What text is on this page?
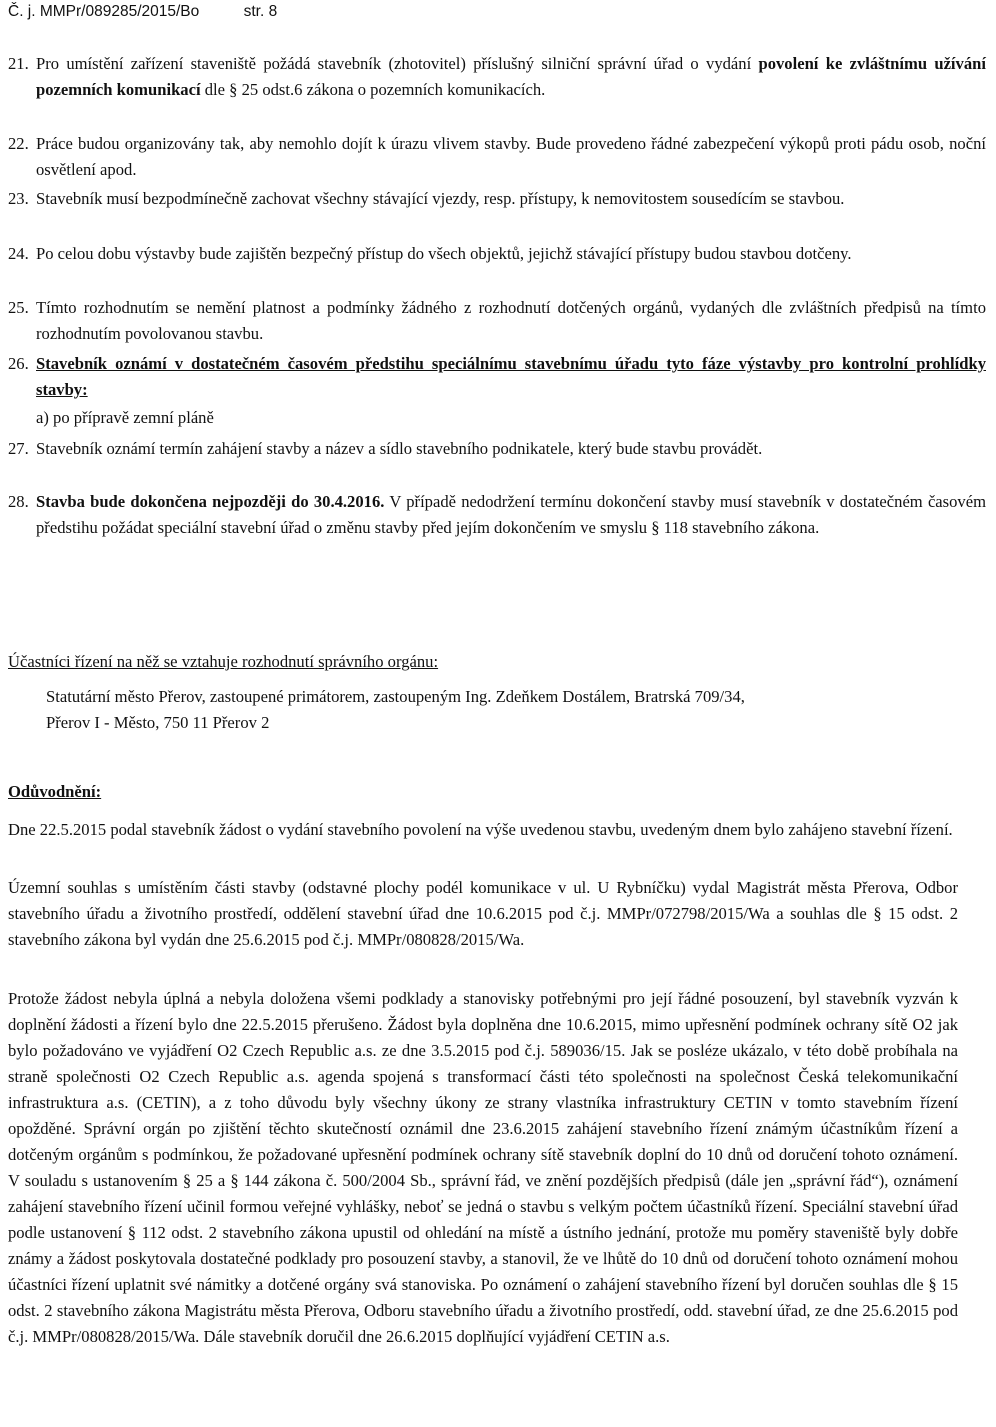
Č. j. MMPr/089285/2015/Bo	str. 8
21. Pro umístění zařízení staveniště požádá stavebník (zhotovitel) příslušný silniční správní úřad o vydání povolení ke zvláštnímu užívání pozemních komunikací dle § 25 odst.6 zákona o pozemních komunikacích.
22. Práce budou organizovány tak, aby nemohlo dojít k úrazu vlivem stavby. Bude provedeno řádné zabezpečení výkopů proti pádu osob, noční osvětlení apod.
23. Stavebník musí bezpodmínečně zachovat všechny stávající vjezdy, resp. přístupy, k nemovitostem sousedícím se stavbou.
24. Po celou dobu výstavby bude zajištěn bezpečný přístup do všech objektů, jejichž stávající přístupy budou stavbou dotčeny.
25. Tímto rozhodnutím se nemění platnost a podmínky žádného z rozhodnutí dotčených orgánů, vydaných dle zvláštních předpisů na tímto rozhodnutím povolovanou stavbu.
26. Stavebník oznámí v dostatečném časovém předstihu speciálnímu stavebnímu úřadu tyto fáze výstavby pro kontrolní prohlídky stavby:
a) po přípravě zemní pláně
27. Stavebník oznámí termín zahájení stavby a název a sídlo stavebního podnikatele, který bude stavbu provádět.
28. Stavba bude dokončena nejpozději do 30.4.2016. V případě nedodržení termínu dokončení stavby musí stavebník v dostatečném časovém předstihu požádat speciální stavební úřad o změnu stavby před jejím dokončením ve smyslu § 118 stavebního zákona.
Účastníci řízení na něž se vztahuje rozhodnutí správního orgánu:
Statutární město Přerov, zastoupené primátorem, zastoupeným Ing. Zdeňkem Dostálem, Bratrská 709/34,
Přerov I - Město, 750 11 Přerov 2
Odůvodnění:
Dne 22.5.2015 podal stavebník žádost o vydání stavebního povolení na výše uvedenou stavbu, uvedeným dnem bylo zahájeno stavební řízení.
Územní souhlas s umístěním části stavby (odstavné plochy podél komunikace v ul. U Rybníčku) vydal Magistrát města Přerova, Odbor stavebního úřadu a životního prostředí, oddělení stavební úřad dne 10.6.2015 pod č.j. MMPr/072798/2015/Wa a souhlas dle § 15 odst. 2 stavebního zákona byl vydán dne 25.6.2015 pod č.j. MMPr/080828/2015/Wa.
Protože žádost nebyla úplná a nebyla doložena všemi podklady a stanovisky potřebnými pro její řádné posouzení, byl stavebník vyzván k doplnění žádosti a řízení bylo dne 22.5.2015 přerušeno. Žádost byla doplněna dne 10.6.2015, mimo upřesnění podmínek ochrany sítě O2 jak bylo požadováno ve vyjádření O2 Czech Republic a.s. ze dne 3.5.2015 pod č.j. 589036/15. Jak se posléze ukázalo, v této době probíhala na straně společnosti O2 Czech Republic a.s. agenda spojená s transformací části této společnosti na společnost Česká telekomunikační infrastruktura a.s. (CETIN), a z toho důvodu byly všechny úkony ze strany vlastníka infrastruktury CETIN v tomto stavebním řízení opožděné. Správní orgán po zjištění těchto skutečností oznámil dne 23.6.2015 zahájení stavebního řízení známým účastníkům řízení a dotčeným orgánům s podmínkou, že požadované upřesnění podmínek ochrany sítě stavebník doplní do 10 dnů od doručení tohoto oznámení. V souladu s ustanovením § 25 a § 144 zákona č. 500/2004 Sb., správní řád, ve znění pozdějších předpisů (dále jen „správní řád“), oznámení zahájení stavebního řízení učinil formou veřejné vyhlášky, neboť se jedná o stavbu s velkým počtem účastníků řízení. Speciální stavební úřad podle ustanovení § 112 odst. 2 stavebního zákona upustil od ohledání na místě a ústního jednání, protože mu poměry staveniště byly dobře známy a žádost poskytovala dostatečné podklady pro posouzení stavby, a stanovil, že ve lhůtě do 10 dnů od doručení tohoto oznámení mohou účastníci řízení uplatnit své námitky a dotčené orgány svá stanoviska. Po oznámení o zahájení stavebního řízení byl doručen souhlas dle § 15 odst. 2 stavebního zákona Magistrátu města Přerova, Odboru stavebního úřadu a životního prostředí, odd. stavební úřad, ze dne 25.6.2015 pod č.j. MMPr/080828/2015/Wa. Dále stavebník doručil dne 26.6.2015 doplňující vyjádření CETIN a.s.
